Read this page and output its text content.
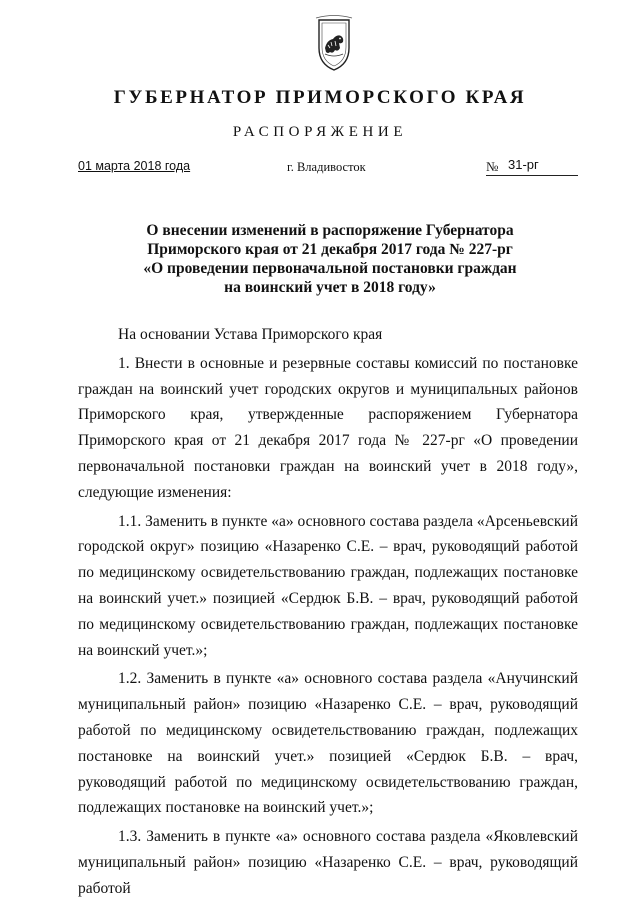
ГУБЕРНАТОР ПРИМОРСКОГО КРАЯ
РАСПОРЯЖЕНИЕ
01 марта 2018 года	г. Владивосток	№ 31-рг
О внесении изменений в распоряжение Губернатора
Приморского края от 21 декабря 2017 года № 227-рг
«О проведении первоначальной постановки граждан
на воинский учет в 2018 году»

На основании Устава Приморского края

1. Внести в основные и резервные составы комиссий по постановке граждан на воинский учет городских округов и муниципальных районов Приморского края, утвержденные распоряжением Губернатора Приморского края от 21 декабря 2017 года № 227-рг «О проведении первоначальной постановки граждан на воинский учет в 2018 году», следующие изменения:

1.1. Заменить в пункте «а» основного состава раздела «Арсеньевский городской округ» позицию «Назаренко С.Е. – врач, руководящий работой по медицинскому освидетельствованию граждан, подлежащих постановке на воинский учет.» позицией «Сердюк Б.В. – врач, руководящий работой по медицинскому освидетельствованию граждан, подлежащих постановке на воинский учет.»;

1.2. Заменить в пункте «а» основного состава раздела «Анучинский муниципальный район» позицию «Назаренко С.Е. – врач, руководящий работой по медицинскому освидетельствованию граждан, подлежащих постановке на воинский учет.» позицией «Сердюк Б.В. – врач, руководящий работой по медицинскому освидетельствованию граждан, подлежащих постановке на воинский учет.»;

1.3. Заменить в пункте «а» основного состава раздела «Яковлевский муниципальный район» позицию «Назаренко С.Е. – врач, руководящий работой
